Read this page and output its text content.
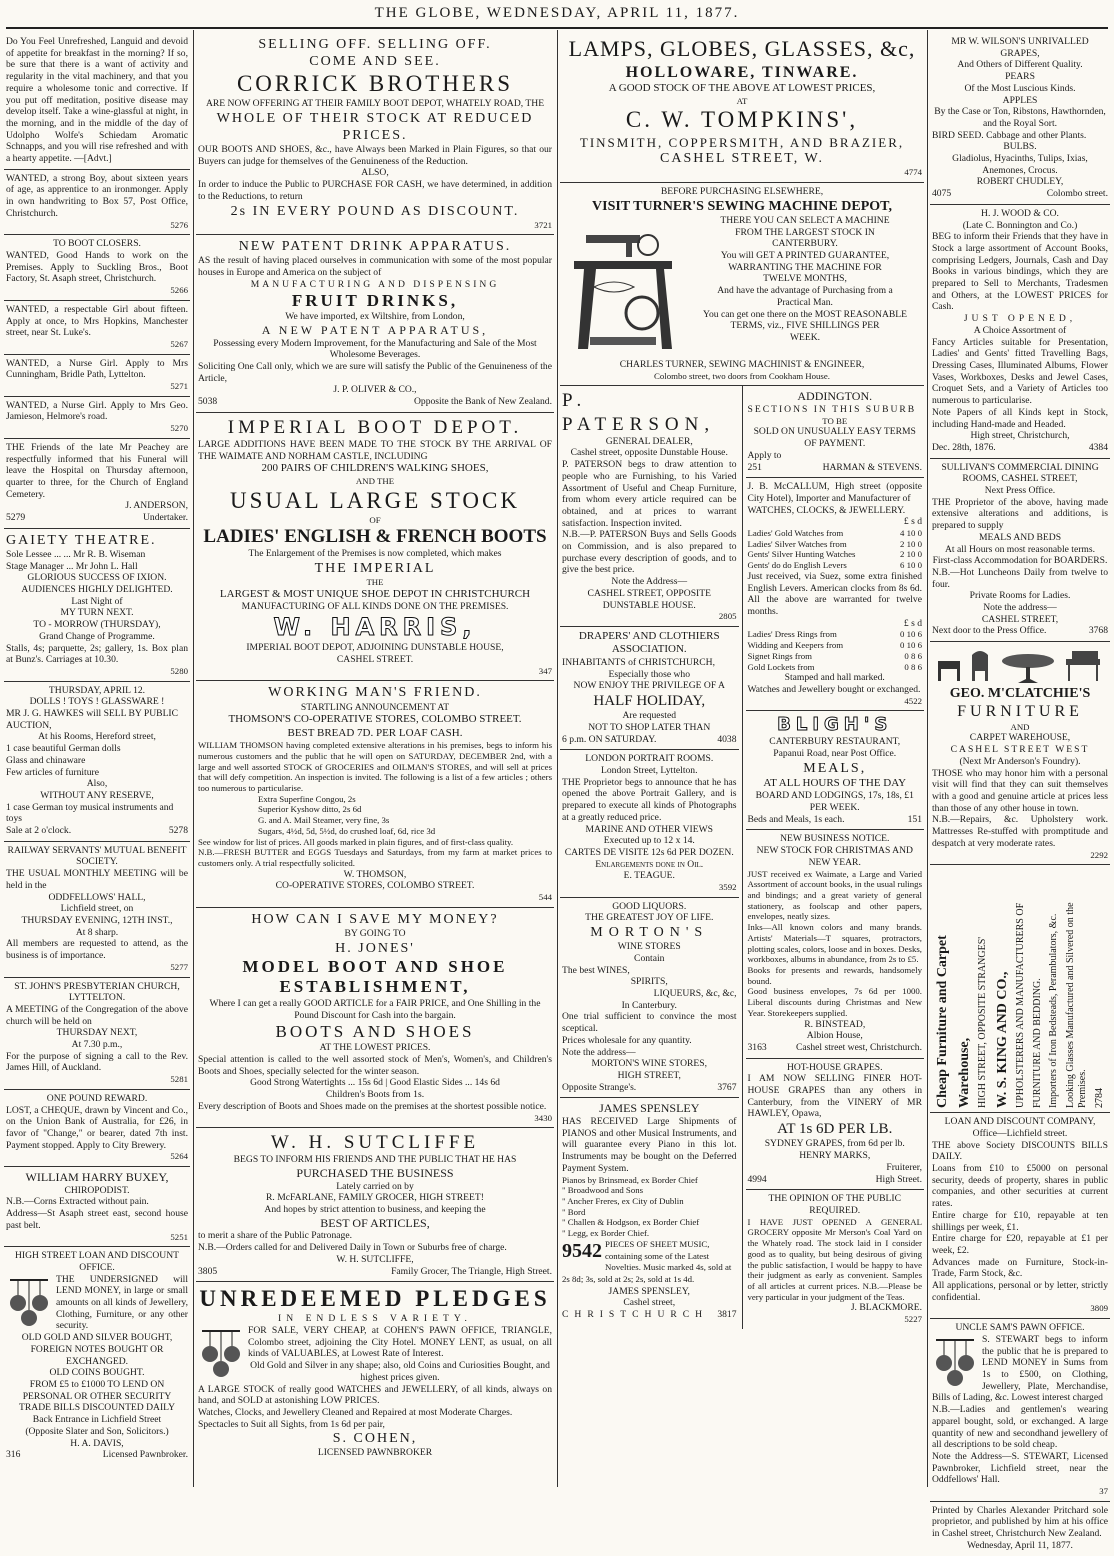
THE GLOBE, WEDNESDAY, APRIL 11, 1877.
Do You Feel Unrefreshed, Languid and devoid of appetite for breakfast in the morning? If so, be sure that there is a want of activity and regularity in the vital machinery, and that you require a wholesome tonic and corrective. If you put off meditation, positive disease may develop itself. Take a wine-glassful at night, in the morning, and in the middle of the day of Udolpho Wolfe's Schiedam Aromatic Schnapps, and you will rise refreshed and with a hearty appetite. —[Advt.]
WANTED, a strong Boy, about sixteen years of age, as apprentice to an ironmonger. Apply in own handwriting to Box 57, Post Office, Christchurch.
5276
TO BOOT CLOSERS.
WANTED, Good Hands to work on the Premises. Apply to Suckling Bros., Boot Factory, St. Asaph street, Christchurch.
5266
WANTED, a respectable Girl about fifteen. Apply at once, to Mrs Hopkins, Manchester street, near St. Luke's.
5267
WANTED, a Nurse Girl. Apply to Mrs Cunningham, Bridle Path, Lyttelton.
5271
WANTED, a Nurse Girl. Apply to Mrs Geo. Jamieson, Helmore's road.
5270
THE Friends of the late Mr Peachey are respectfully informed that his Funeral will leave the Hospital on Thursday afternoon, quarter to three, for the Church of England Cemetery.
J. ANDERSON,
5279	Undertaker.
GAIETY THEATRE.
Sole Lessee ... ... Mr R. B. Wiseman
Stage Manager ... Mr John L. Hall
GLORIOUS SUCCESS OF IXION.
AUDIENCES HIGHLY DELIGHTED.
Last Night of
MY TURN NEXT.
TO - MORROW (THURSDAY),
Grand Change of Programme.
Stalls, 4s; parquette, 2s; gallery, 1s. Box plan at Bunz's. Carriages at 10.30.
5280
THURSDAY, APRIL 12.
DOLLS ! TOYS ! GLASSWARE !
MR J. G. HAWKES will SELL BY PUBLIC AUCTION,
At his Rooms, Hereford street,
1 case beautiful German dolls
Glass and chinaware
Few articles of furniture
Also,
WITHOUT ANY RESERVE,
1 case German toy musical instruments and toys
Sale at 2 o'clock.	5278
RAILWAY SERVANTS' MUTUAL BENEFIT SOCIETY.
THE USUAL MONTHLY MEETING will be held in the
ODDFELLOWS' HALL,
Lichfield street, on
THURSDAY EVENING, 12TH INST.,
At 8 sharp.
All members are requested to attend, as the business is of importance.
5277
ST. JOHN'S PRESBYTERIAN CHURCH, LYTTELTON.
A MEETING of the Congregation of the above church will be held on
THURSDAY NEXT,
At 7.30 p.m.,
For the purpose of signing a call to the Rev. James Hill, of Auckland.
5281
ONE POUND REWARD.
LOST, a CHEQUE, drawn by Vincent and Co., on the Union Bank of Australia, for £26, in favor of "Change," or bearer, dated 7th inst. Payment stopped. Apply to City Brewery.
5264
WILLIAM HARRY BUXEY,
CHIROPODIST.
N.B.—Corns Extracted without pain.
Address—St Asaph street east, second house past belt.
5251
HIGH STREET LOAN AND DISCOUNT OFFICE.
THE UNDERSIGNED will LEND MONEY, in large or small amounts on all kinds of Jewellery, Clothing, Furniture, or any other security.
OLD GOLD AND SILVER BOUGHT, FOREIGN NOTES BOUGHT OR EXCHANGED.
OLD COINS BOUGHT.
FROM £5 to £1000 TO LEND ON PERSONAL OR OTHER SECURITY
TRADE BILLS DISCOUNTED DAILY
Back Entrance in Lichfield Street
(Opposite Slater and Son, Solicitors.)
H. A. DAVIS,
316	Licensed Pawnbroker.
SELLING OFF. SELLING OFF.
COME AND SEE.
CORRICK BROTHERS
ARE NOW OFFERING AT THEIR FAMILY BOOT DEPOT, WHATELY ROAD, THE
WHOLE OF THEIR STOCK AT REDUCED PRICES.
OUR BOOTS AND SHOES, &c., have Always been Marked in Plain Figures, so that our Buyers can judge for themselves of the Genuineness of the Reduction.
ALSO,
In order to induce the Public to PURCHASE FOR CASH, we have determined, in addition to the Reductions, to return
2s IN EVERY POUND AS DISCOUNT.
3721
NEW PATENT DRINK APPARATUS.
AS the result of having placed ourselves in communication with some of the most popular houses in Europe and America on the subject of
MANUFACTURING AND DISPENSING
FRUIT DRINKS,
We have imported, ex Wiltshire, from London,
A NEW PATENT APPARATUS,
Possessing every Modern Improvement, for the Manufacturing and Sale of the Most Wholesome Beverages.
Soliciting One Call only, which we are sure will satisfy the Public of the Genuineness of the Article,
J. P. OLIVER & CO.,
5038	Opposite the Bank of New Zealand.
IMPERIAL BOOT DEPOT.
LARGE ADDITIONS HAVE BEEN MADE TO THE STOCK BY THE ARRIVAL OF THE WAIMATE AND NORHAM CASTLE, INCLUDING
200 PAIRS OF CHILDREN'S WALKING SHOES,
AND THE
USUAL LARGE STOCK
OF
LADIES' ENGLISH & FRENCH BOOTS
The Enlargement of the Premises is now completed, which makes
THE IMPERIAL
THE
LARGEST & MOST UNIQUE SHOE DEPOT IN CHRISTCHURCH
MANUFACTURING OF ALL KINDS DONE ON THE PREMISES.
W. HARRIS,
IMPERIAL BOOT DEPOT, ADJOINING DUNSTABLE HOUSE,
CASHEL STREET.
347
WORKING MAN'S FRIEND.
STARTLING ANNOUNCEMENT AT
THOMSON'S CO-OPERATIVE STORES, COLOMBO STREET.
BEST BREAD 7D. PER LOAF CASH.
WILLIAM THOMSON having completed extensive alterations in his premises, begs to inform his numerous customers and the public that he will open on SATURDAY, DECEMBER 2nd, with a large and well assorted STOCK of GROCERIES and OILMAN'S STORES, and will sell at prices that will defy competition. An inspection is invited. The following is a list of a few articles ; others too numerous to particularise.
Extra Superfine Congou, 2s
Superior Kyshow ditto, 2s 6d
G. and A. Mail Steamer, very fine, 3s
Sugars, 4½d, 5d, 5½d, do crushed loaf, 6d, rice 3d
See window for list of prices. All goods marked in plain figures, and of first-class quality.
N.B.—FRESH BUTTER and EGGS Tuesdays and Saturdays, from my farm at market prices to customers only. A trial respectfully solicited.
W. THOMSON,
CO-OPERATIVE STORES, COLOMBO STREET.
544
HOW CAN I SAVE MY MONEY?
BY GOING TO
H. JONES'
MODEL BOOT AND SHOE ESTABLISHMENT,
Where I can get a really GOOD ARTICLE for a FAIR PRICE, and One Shilling in the Pound Discount for Cash into the bargain.
BOOTS AND SHOES
AT THE LOWEST PRICES.
Special attention is called to the well assorted stock of Men's, Women's, and Children's Boots and Shoes, specially selected for the winter season.
Good Strong Watertights ... 15s 6d | Good Elastic Sides ... 14s 6d
Children's Boots from 1s.
Every description of Boots and Shoes made on the premises at the shortest possible notice.
3430
W. H. SUTCLIFFE
BEGS TO INFORM HIS FRIENDS AND THE PUBLIC THAT HE HAS
PURCHASED THE BUSINESS
Lately carried on by
R. McFARLANE, FAMILY GROCER, HIGH STREET!
And hopes by strict attention to business, and keeping the
BEST OF ARTICLES,
to merit a share of the Public Patronage.
N.B.—Orders called for and Delivered Daily in Town or Suburbs free of charge.
W. H. SUTCLIFFE,
3805	Family Grocer, The Triangle, High Street.
UNREDEEMED PLEDGES
IN ENDLESS VARIETY.
FOR SALE, VERY CHEAP, at COHEN'S PAWN OFFICE, TRIANGLE, Colombo street, adjoining the City Hotel. MONEY LENT, as usual, on all kinds of VALUABLES, at Lowest Rate of Interest.
Old Gold and Silver in any shape; also, old Coins and Curiosities Bought, and highest prices given.
A LARGE STOCK of really good WATCHES and JEWELLERY, of all kinds, always on hand, and SOLD at astonishing LOW PRICES.
Watches, Clocks, and Jewellery Cleaned and Repaired at most Moderate Charges.
Spectacles to Suit all Sights, from 1s 6d per pair,
S. COHEN,
LICENSED PAWNBROKER
LAMPS, GLOBES, GLASSES, &c,
HOLLOWARE, TINWARE.
A GOOD STOCK OF THE ABOVE AT LOWEST PRICES,
AT
C. W. TOMPKINS',
TINSMITH, COPPERSMITH, AND BRAZIER,
CASHEL STREET, W.
4774
BEFORE PURCHASING ELSEWHERE,
VISIT TURNER'S SEWING MACHINE DEPOT,
THERE YOU CAN SELECT A MACHINE
FROM THE LARGEST STOCK IN
CANTERBURY.
You will GET A PRINTED GUARANTEE,
WARRANTING THE MACHINE FOR
TWELVE MONTHS,
And have the advantage of Purchasing from a
Practical Man.
You can get one there on the MOST REASONABLE
TERMS, viz., FIVE SHILLINGS PER
WEEK.
CHARLES TURNER, SEWING MACHINIST & ENGINEER,
Colombo street, two doors from Cookham House.
P. PATERSON,
GENERAL DEALER,
Cashel street, opposite Dunstable House.
P. PATERSON begs to draw attention to people who are Furnishing, to his Varied Assortment of Useful and Cheap Furniture, from whom every article required can be obtained, and at prices to warrant satisfaction. Inspection invited.
N.B.—P. PATERSON Buys and Sells Goods on Commission, and is also prepared to purchase every description of goods, and to give the best price.
Note the Address—
CASHEL STREET, OPPOSITE DUNSTABLE HOUSE.
2805
DRAPERS' AND CLOTHIERS ASSOCIATION.
INHABITANTS of CHRISTCHURCH,
Especially those who
NOW ENJOY THE PRIVILEGE OF A
HALF HOLIDAY,
Are requested
NOT TO SHOP LATER THAN
6 p.m. ON SATURDAY.	4038
LONDON PORTRAIT ROOMS.
London Street, Lyttelton.
THE Proprietor begs to announce that he has opened the above Portrait Gallery, and is prepared to execute all kinds of Photographs at a greatly reduced price.
MARINE AND OTHER VIEWS
Executed up to 12 x 14.
CARTES DE VISITE 12s 6d PER DOZEN.
Enlargements done in Oil.
E. TEAGUE.
3592
GOOD LIQUORS.
THE GREATEST JOY OF LIFE.
MORTON'S
WINE STORES
Contain
The best WINES,
SPIRITS,
LIQUEURS, &c, &c,
In Canterbury.
One trial sufficient to convince the most sceptical.
Prices wholesale for any quantity.
Note the address—
MORTON'S WINE STORES,
HIGH STREET,
Opposite Strange's.	3767
JAMES SPENSLEY
HAS RECEIVED Large Shipments of PIANOS and other Musical Instruments, and will guarantee every Piano in this lot. Instruments may be bought on the Deferred Payment System.
Pianos by Brinsmead, ex Border Chief
" Broadwood and Sons
" Ancher Freres, ex City of Dublin
" Bord
" Challen & Hodgson, ex Border Chief
" Legg, ex Border Chief.
9542 PIECES OF SHEET MUSIC, containing some of the Latest Novelties. Music marked 4s, sold at 2s 8d; 3s, sold at 2s; 2s, sold at 1s 4d.
JAMES SPENSLEY,
Cashel street,
CHRISTCHURCH 3817
ADDINGTON.
SECTIONS IN THIS SUBURB
TO BE
SOLD ON UNUSUALLY EASY TERMS OF PAYMENT.
Apply to
251	HARMAN & STEVENS.
J. B. McCALLUM, High street (opposite City Hotel), Importer and Manufacturer of
WATCHES, CLOCKS, & JEWELLERY.
£ s d
Ladies' Gold Watches from	4 10 0
Ladies' Silver Watches from	2 10 0
Gents' Silver Hunting Watches	2 10 0
Gents' do do English Levers	6 10 0
Just received, via Suez, some extra finished English Levers. American clocks from 8s 6d. All the above are warranted for twelve months.
£ s d
Ladies' Dress Rings from	0 10 6
Widding and Keepers from	0 10 6
Signet Rings from	0 8 6
Gold Lockets from	0 8 6
Stamped and hall marked.
Watches and Jewellery bought or exchanged.
4522
BLIGH'S
CANTERBURY RESTAURANT,
Papanui Road, near Post Office.
MEALS,
AT ALL HOURS OF THE DAY
BOARD AND LODGINGS, 17s, 18s, £1 PER WEEK.
Beds and Meals, 1s each.	151
NEW BUSINESS NOTICE.
NEW STOCK FOR CHRISTMAS AND NEW YEAR.
JUST received ex Waimate, a Large and Varied Assortment of account books, in the usual rulings and bindings; and a great variety of general stationery, as foolscap and other papers, envelopes, neatly sizes.
Inks—All known colors and many brands. Artists' Materials—T squares, protractors, plotting scales, colors, loose and in boxes. Desks, workboxes, albums in abundance, from 2s to £5.
Books for presents and rewards, handsomely bound.
Good business envelopes, 7s 6d per 1000. Liberal discounts during Christmas and New Year. Storekeepers supplied.
R. BINSTEAD,
Albion House,
3163	Cashel street west, Christchurch.
HOT-HOUSE GRAPES.
I AM NOW SELLING FINER HOT-HOUSE GRAPES than any others in Canterbury, from the VINERY of MR HAWLEY, Opawa,
AT 1s 6D PER LB.
SYDNEY GRAPES, from 6d per lb.
HENRY MARKS,
Fruiterer,
4994	High Street.
THE OPINION OF THE PUBLIC REQUIRED.
I HAVE JUST OPENED A GENERAL GROCERY opposite Mr Merson's Coal Yard on the Whately road. The stock laid in I consider good as to quality, but being desirous of giving the public satisfaction, I would be happy to have their judgment as early as convenient. Samples of all articles at current prices. N.B.—Please be very particular in your judgment of the Teas.
J. BLACKMORE.
5227
MR W. WILSON'S UNRIVALLED GRAPES,
And Others of Different Quality.
PEARS
Of the Most Luscious Kinds.
APPLES
By the Case or Ton, Ribstons, Hawthornden, and the Royal Sort.
BIRD SEED. Cabbage and other Plants.
BULBS.
Gladiolus, Hyacinths, Tulips, Ixias, Anemones, Crocus.
ROBERT CHUDLEY,
4075	Colombo street.
H. J. WOOD & CO.
(Late C. Bonnington and Co.)
BEG to inform their Friends that they have in Stock a large assortment of Account Books, comprising Ledgers, Journals, Cash and Day Books in various bindings, which they are prepared to Sell to Merchants, Tradesmen and Others, at the LOWEST PRICES for Cash.
JUST OPENED,
A Choice Assortment of
Fancy Articles suitable for Presentation, Ladies' and Gents' fitted Travelling Bags, Dressing Cases, Illuminated Albums, Flower Vases, Workboxes, Desks and Jewel Cases, Croquet Sets, and a Variety of Articles too numerous to particularise.
Note Papers of all Kinds kept in Stock, including Hand-made and Headed.
High street, Christchurch,
Dec. 28th, 1876.	4384
SULLIVAN'S COMMERCIAL DINING ROOMS, CASHEL STREET,
Next Press Office.
THE Proprietor of the above, having made extensive alterations and additions, is prepared to supply
MEALS AND BEDS
At all Hours on most reasonable terms.
First-class Accommodation for BOARDERS.
N.B.—Hot Luncheons Daily from twelve to four.
Private Rooms for Ladies.
Note the address—
CASHEL STREET,
Next door to the Press Office.	3768
GEO. M'CLATCHIE'S
FURNITURE
AND
CARPET WAREHOUSE,
CASHEL STREET WEST
(Next Mr Anderson's Foundry).
THOSE who may honor him with a personal visit will find that they can suit themselves with a good and genuine article at prices less than those of any other house in town.
N.B.—Repairs, &c. Upholstery work. Mattresses Re-stuffed with promptitude and despatch at very moderate rates.
2292
Cheap Furniture and Carpet Warehouse, HIGH STREET, OPPOSITE STRANGES' W. S. KING AND CO., UPHOLSTERERS AND MANUFACTURERS OF FURNITURE AND BEDDING. Importers of Iron Bedsteads, Perambulators, &c. Looking Glasses Manufactured and Silvered on the Premises. 2784
LOAN AND DISCOUNT COMPANY,
Office—Lichfield street.
THE above Society DISCOUNTS BILLS DAILY.
Loans from £10 to £5000 on personal security, deeds of property, shares in public companies, and other securities at current rates.
Entire charge for £10, repayable at ten shillings per week, £1.
Entire charge for £20, repayable at £1 per week, £2.
Advances made on Furniture, Stock-in-Trade, Farm Stock, &c.
All applications, personal or by letter, strictly confidential.
3809
UNCLE SAM'S PAWN OFFICE.
S. STEWART begs to inform the public that he is prepared to LEND MONEY in Sums from 1s to £500, on Clothing, Jewellery, Plate, Merchandise, Bills of Lading, &c. Lowest interest charged
N.B.—Ladies and gentlemen's wearing apparel bought, sold, or exchanged. A large quantity of new and secondhand jewellery of all descriptions to be sold cheap.
Note the Address—S. STEWART, Licensed Pawnbroker, Lichfield street, near the Oddfellows' Hall.
37
Printed by Charles Alexander Pritchard sole proprietor, and published by him at his office in Cashel street, Christchurch New Zealand.
Wednesday, April 11, 1877.
